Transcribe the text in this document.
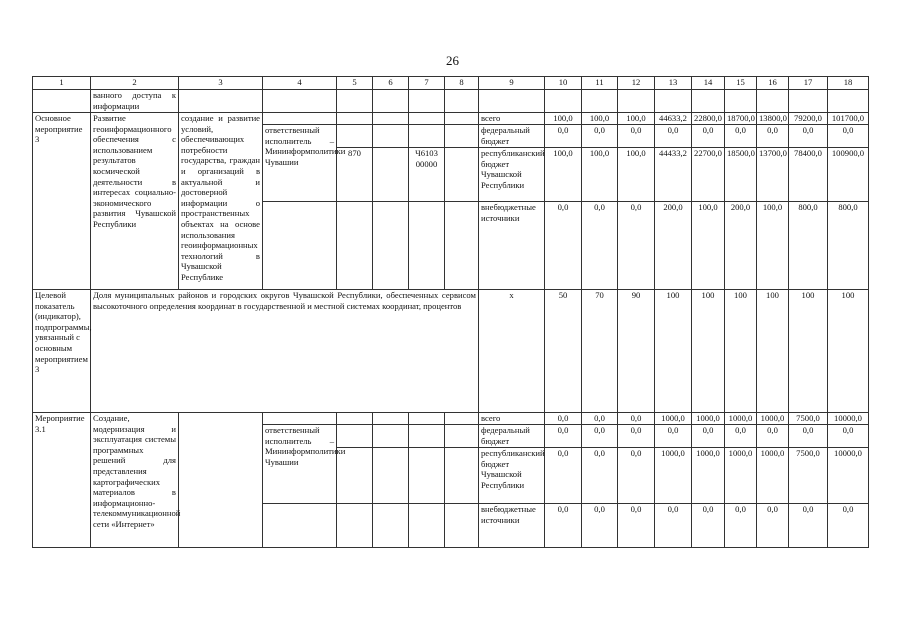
26
1	2	3	4	5	6	7	8	9	10	11	12	13	14	15	16	17	18
	ванного доступа к информации																
Основное мероприятие 3	Развитие геоинформационного обеспечения с использованием результатов космической деятельности в интересах социально-экономического развития Чувашской Республики	создание и развитие условий, обеспечивающих потребности государства, граждан и организаций в актуальной и достоверной информации о пространственных объектах на основе использования геоинформационных технологий в Чувашской Республике						всего	100,0	100,0	100,0	44633,2	22800,0	18700,0	13800,0	79200,0	101700,0
			ответственный исполнитель – Мининформполитики Чувашии					федеральный бюджет	0,0	0,0	0,0	0,0	0,0	0,0	0,0	0,0	0,0
				870		Ч6103 00000		республиканский бюджет Чувашской Республики	100,0	100,0	100,0	44433,2	22700,0	18500,0	13700,0	78400,0	100900,0
								внебюджетные источники	0,0	0,0	0,0	200,0	100,0	200,0	100,0	800,0	800,0
Целевой показатель (индикатор), подпрограммы, увязанный с основным мероприятием 3	Доля муниципальных районов и городских округов Чувашской Республики, обеспеченных сервисом высокоточного определения координат в государственной и местной системах координат, процентов							х	50	70	90	100	100	100	100	100	100
Мероприятие 3.1	Создание, модернизация и эксплуатация системы программных решений для представления картографических материалов в информационно-телекоммуникационной сети «Интернет»							всего	0,0	0,0	0,0	1000,0	1000,0	1000,0	1000,0	7500,0	10000,0
			ответственный исполнитель – Мининформполитики Чувашии					федеральный бюджет	0,0	0,0	0,0	0,0	0,0	0,0	0,0	0,0	0,0
								республиканский бюджет Чувашской Республики	0,0	0,0	0,0	1000,0	1000,0	1000,0	1000,0	7500,0	10000,0
								внебюджетные источники	0,0	0,0	0,0	0,0	0,0	0,0	0,0	0,0	0,0
